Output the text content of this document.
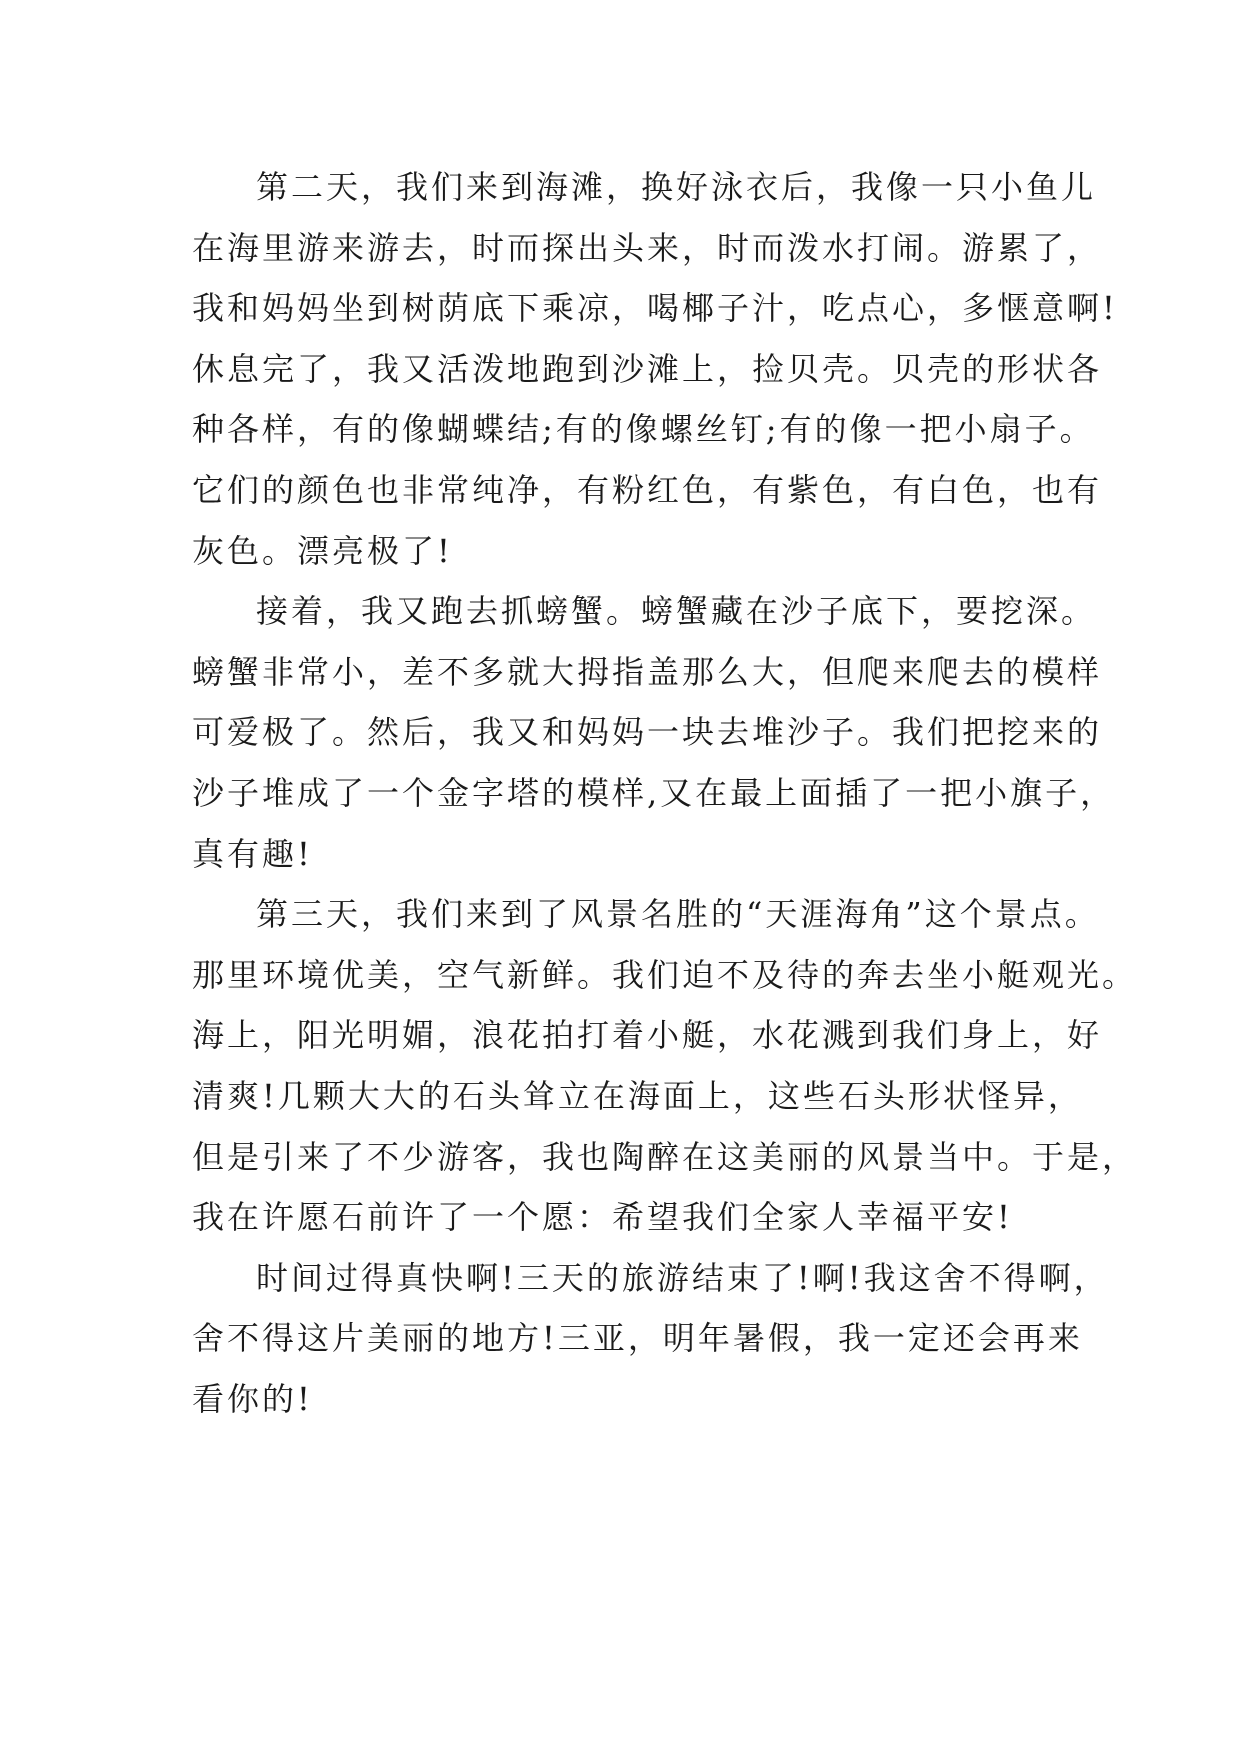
第二天，我们来到海滩，换好泳衣后，我像一只小鱼儿
在海里游来游去，时而探出头来，时而泼水打闹。游累了，
我和妈妈坐到树荫底下乘凉，喝椰子汁，吃点心，多惬意啊!
休息完了，我又活泼地跑到沙滩上，捡贝壳。贝壳的形状各
种各样，有的像蝴蝶结;有的像螺丝钉;有的像一把小扇子。
它们的颜色也非常纯净，有粉红色，有紫色，有白色，也有
灰色。漂亮极了!
接着，我又跑去抓螃蟹。螃蟹藏在沙子底下，要挖深。
螃蟹非常小，差不多就大拇指盖那么大，但爬来爬去的模样
可爱极了。然后，我又和妈妈一块去堆沙子。我们把挖来的
沙子堆成了一个金字塔的模样,又在最上面插了一把小旗子，
真有趣!
第三天，我们来到了风景名胜的“天涯海角”这个景点。
那里环境优美，空气新鲜。我们迫不及待的奔去坐小艇观光。
海上，阳光明媚，浪花拍打着小艇，水花溅到我们身上，好
清爽!几颗大大的石头耸立在海面上，这些石头形状怪异，
但是引来了不少游客，我也陶醉在这美丽的风景当中。于是，
我在许愿石前许了一个愿：希望我们全家人幸福平安!
时间过得真快啊!三天的旅游结束了!啊!我这舍不得啊，
舍不得这片美丽的地方!三亚，明年暑假，我一定还会再来
看你的!
